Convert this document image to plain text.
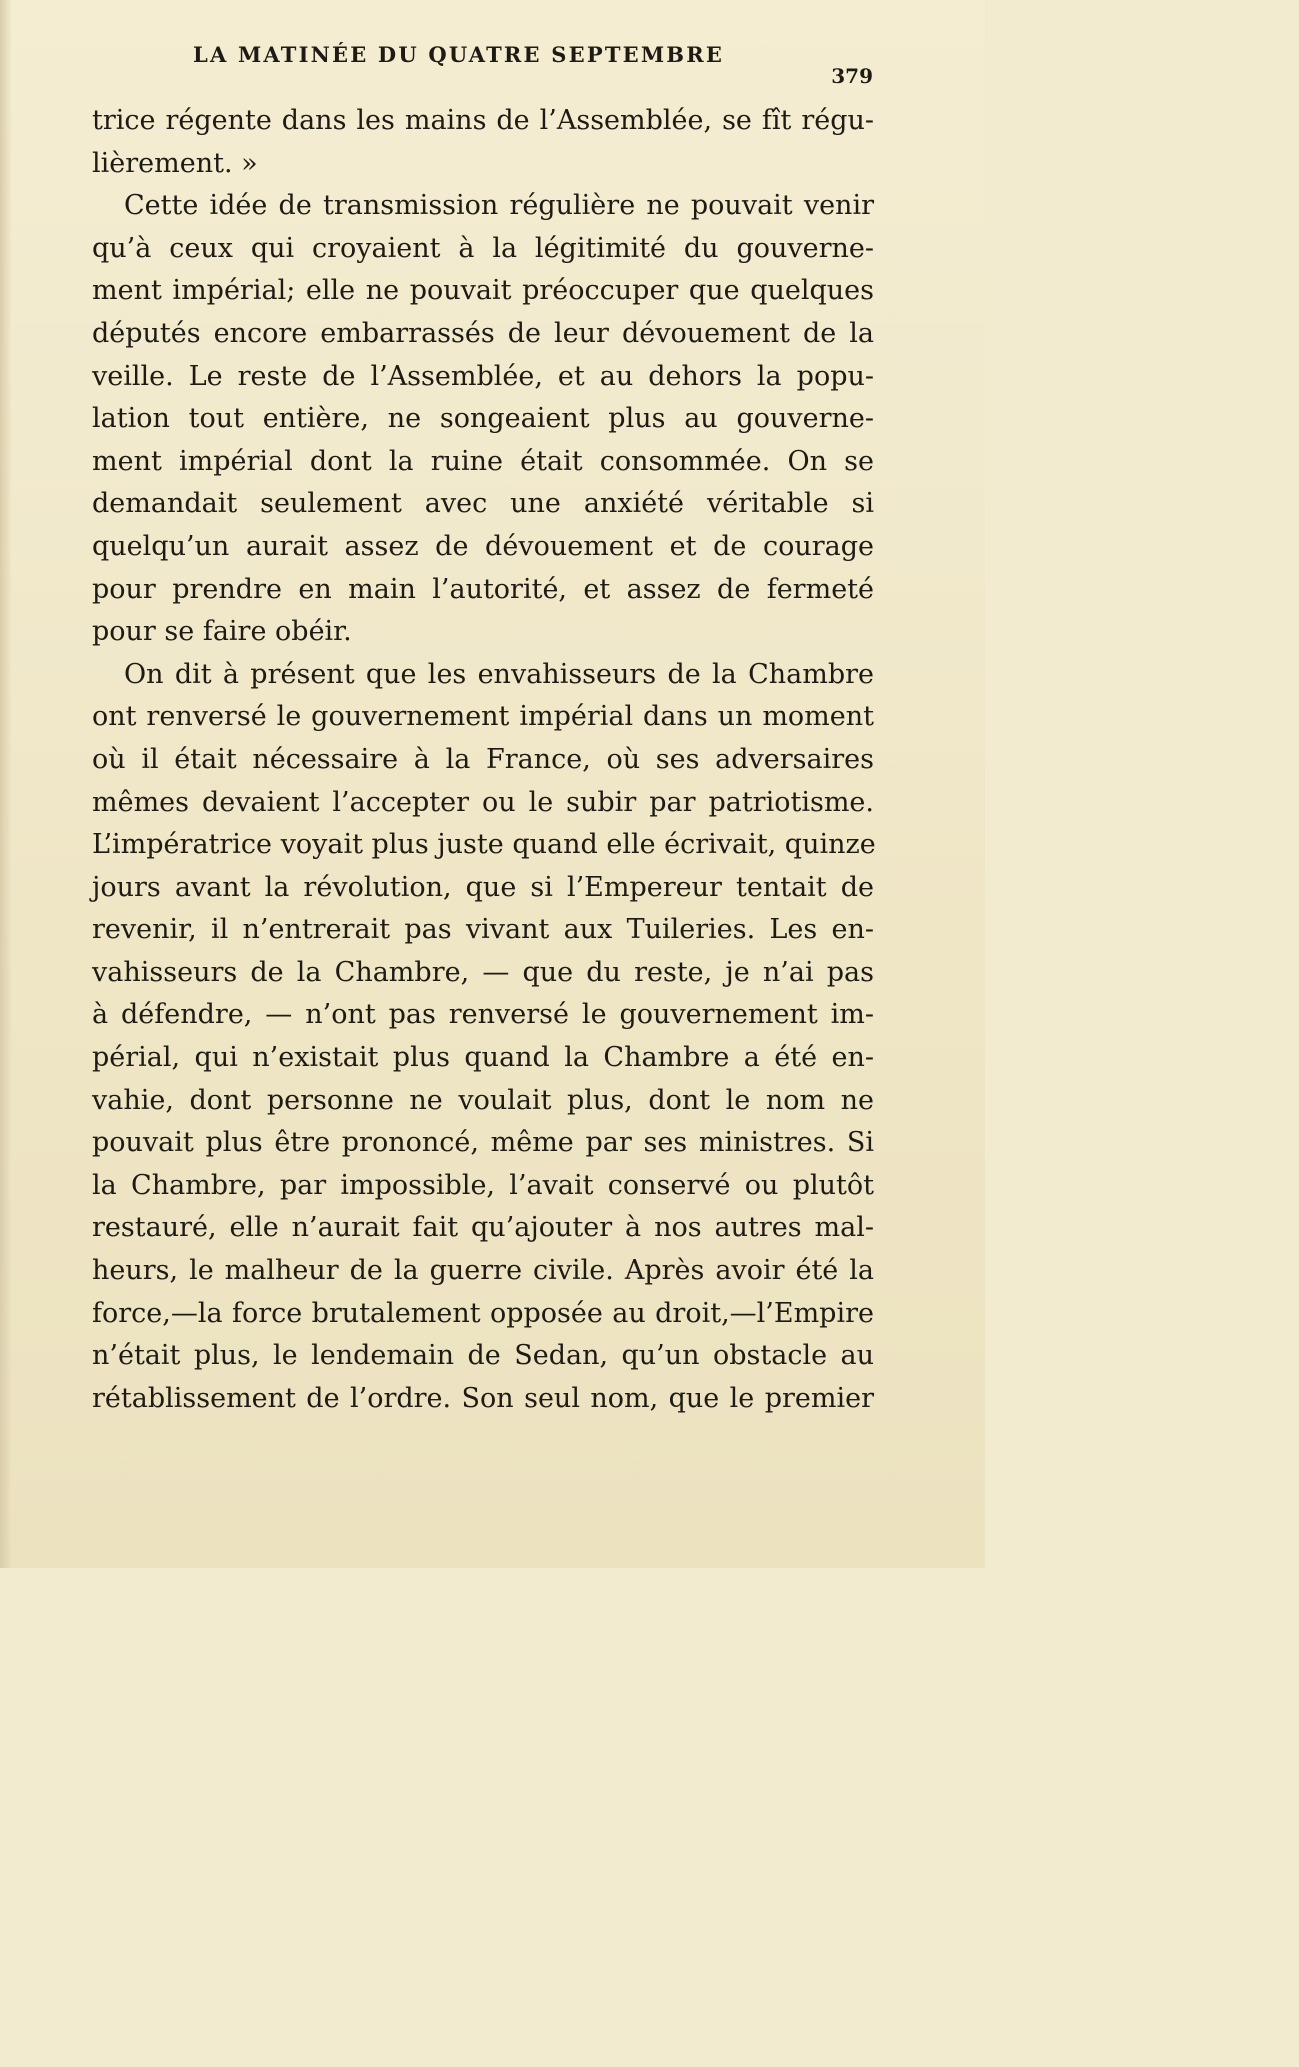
LA MATINÉE DU QUATRE SEPTEMBRE
379
trice régente dans les mains de l’Assemblée, se fît régu-
lièrement. »
Cette idée de transmission régulière ne pouvait venir
qu’à ceux qui croyaient à la légitimité du gouverne-
ment impérial; elle ne pouvait préoccuper que quelques
députés encore embarrassés de leur dévouement de la
veille. Le reste de l’Assemblée, et au dehors la popu-
lation tout entière, ne songeaient plus au gouverne-
ment impérial dont la ruine était consommée. On se
demandait seulement avec une anxiété véritable si
quelqu’un aurait assez de dévouement et de courage
pour prendre en main l’autorité, et assez de fermeté
pour se faire obéir.
On dit à présent que les envahisseurs de la Chambre
ont renversé le gouvernement impérial dans un moment
où il était nécessaire à la France, où ses adversaires
mêmes devaient l’accepter ou le subir par patriotisme.
L’impératrice voyait plus juste quand elle écrivait, quinze
jours avant la révolution, que si l’Empereur tentait de
revenir, il n’entrerait pas vivant aux Tuileries. Les en-
vahisseurs de la Chambre, — que du reste, je n’ai pas
à défendre, — n’ont pas renversé le gouvernement im-
périal, qui n’existait plus quand la Chambre a été en-
vahie, dont personne ne voulait plus, dont le nom ne
pouvait plus être prononcé, même par ses ministres. Si
la Chambre, par impossible, l’avait conservé ou plutôt
restauré, elle n’aurait fait qu’ajouter à nos autres mal-
heurs, le malheur de la guerre civile. Après avoir été la
force,—la force brutalement opposée au droit,—l’Empire
n’était plus, le lendemain de Sedan, qu’un obstacle au
rétablissement de l’ordre. Son seul nom, que le premier
